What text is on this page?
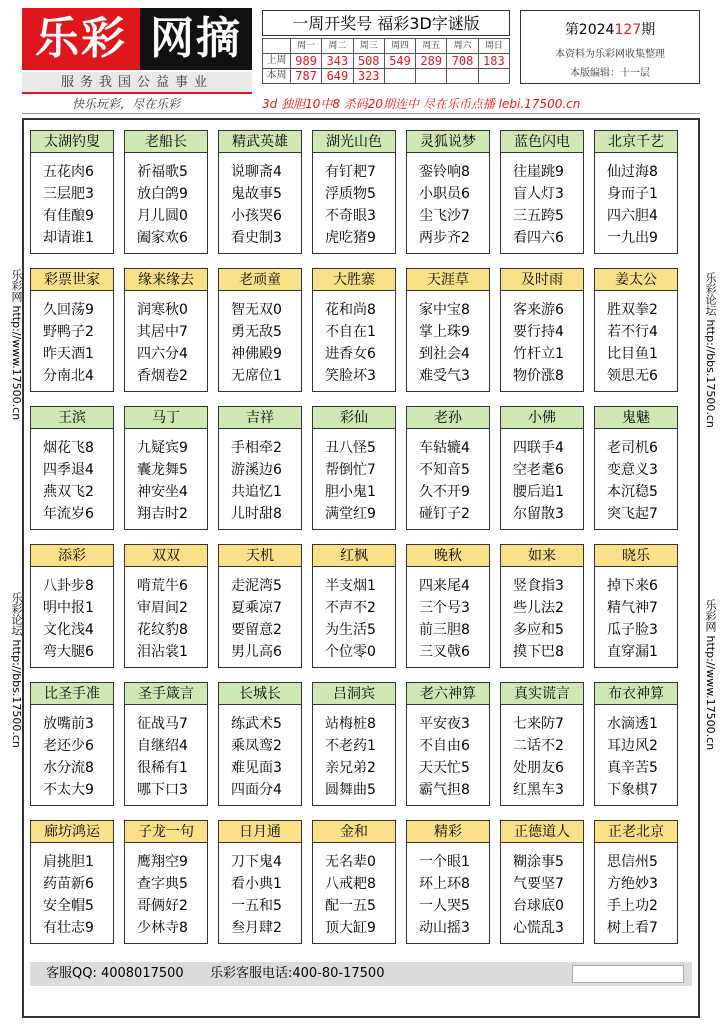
乐彩 网摘
服务我国公益事业
一周开奖号 福彩3D字谜版
	周一	周二	周三	周四	周五	周六	周日
上周	989	343	508	549	289	708	183
本周	787	649	323				
第2024127期
本资料为乐彩网收集整理
本版编辑：十一层
快乐玩彩，尽在乐彩	3d 独胆10中8 杀码20期连中 尽在乐币点播 lebi.17500.cn
乐彩网 http://www.17500.cn
乐彩论坛 http://bbs.17500.cn
乐彩论坛 http://bbs.17500.cn
乐彩网 http://www.17500.cn
太湖钓叟
五花肉6
三层肥3
有佳酿9
却请谁1
老船长
祈福歌5
放白鸽9
月儿圆0
阖家欢6
精武英雄
说聊斋4
鬼故事5
小孩哭6
看史制3
湖光山色
有钉耙7
浮质物5
不奇眼3
虎吃猪9
灵狐说梦
銮铃响8
小职员6
尘飞沙7
两步齐2
蓝色闪电
往崖跳9
盲人灯3
三五跨5
看四六6
北京千艺
仙过海8
身而子1
四六胆4
一九出9
彩票世家
久回荡9
野鸭子2
昨天酒1
分南北4
缘来缘去
润寒秋0
其居中7
四六分4
香烟卷2
老顽童
智无双0
勇无敌5
神佛殿9
无席位1
大胜寨
花和尚8
不自在1
进香女6
笑脸坏3
天涯草
家中宝8
掌上珠9
到社会4
难受气3
及时雨
客来游6
要行持4
竹杆立1
物价涨8
姜太公
胜双拳2
若不行4
比目鱼1
领思无6
王滨
烟花飞8
四季退4
燕双飞2
年流岁6
马丁
九疑宾9
囊龙舞5
神安坐4
翔吉时2
吉祥
手相牵2
游溪边6
共追忆1
儿时甜8
彩仙
丑八怪5
帮倒忙7
胆小鬼1
满堂红9
老孙
车轱辘4
不知音5
久不开9
碰钉子2
小佛
四联手4
空老耄6
腰后追1
尔留散3
鬼魅
老司机6
变意义3
本沉稳5
突飞起7
添彩
八卦步8
明中报1
文化浅4
弯大腿6
双双
啃荒牛6
审眉间2
花纹豹8
泪沾裳1
天机
走泥湾5
夏乘凉7
要留意2
男儿高6
红枫
半支烟1
不声不2
为生活5
个位零0
晚秋
四来尾4
三个号3
前三胆8
三叉戟6
如来
竖食指3
些儿法2
多应和5
摸下巴8
晓乐
掉下来6
精气神7
瓜子脸3
直穿漏1
比圣手准
放嘴前3
老还少6
水分流8
不太大9
圣手箴言
征战马7
自继绍4
很稀有1
哪下口3
长城长
练武术5
乘凤鸾2
难见面3
四面分4
吕洞宾
站梅桩8
不老药1
亲兄弟2
圆舞曲5
老六神算
平安夜3
不自由6
天天忙5
霸气担8
真实谎言
七来防7
二话不2
处朋友6
红黑车3
布衣神算
水滴透1
耳边风2
真辛苦5
下象棋7
廊坊鸿运
肩挑胆1
药苗新6
安全帽5
有壮志9
子龙一句
鹰翔空9
查字典5
哥俩好2
少林寺8
日月通
刀下鬼4
看小典1
一五和5
叁月肆2
金和
无名辈0
八戒耙8
配一五5
顶大缸9
精彩
一个眼1
环上环8
一人哭5
动山摇3
正德道人
糊涂事5
气要坚7
台球底0
心慌乱3
正老北京
思信州5
方绝妙3
手上功2
树上看7
客服QQ: 4008017500 乐彩客服电话:400-80-17500
